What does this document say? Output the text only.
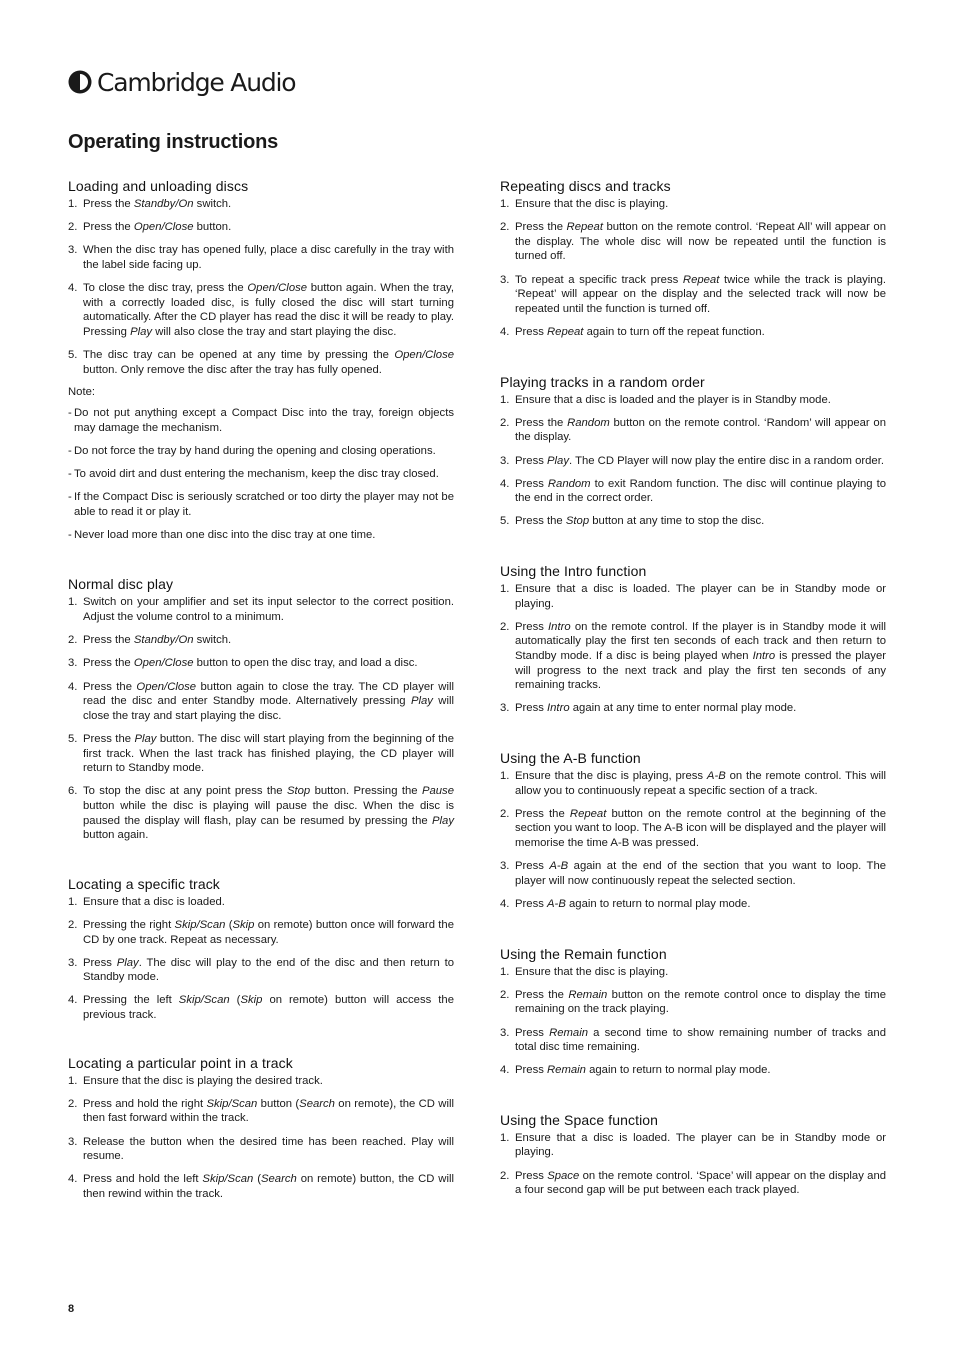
Cambridge Audio
Operating instructions
Loading and unloading discs
1. Press the Standby/On switch.
2. Press the Open/Close button.
3. When the disc tray has opened fully, place a disc carefully in the tray with the label side facing up.
4. To close the disc tray, press the Open/Close button again. When the tray, with a correctly loaded disc, is fully closed the disc will start turning automatically. After the CD player has read the disc it will be ready to play. Pressing Play will also close the tray and start playing the disc.
5. The disc tray can be opened at any time by pressing the Open/Close button. Only remove the disc after the tray has fully opened.
Note:
- Do not put anything except a Compact Disc into the tray, foreign objects may damage the mechanism.
- Do not force the tray by hand during the opening and closing operations.
- To avoid dirt and dust entering the mechanism, keep the disc tray closed.
- If the Compact Disc is seriously scratched or too dirty the player may not be able to read it or play it.
- Never load more than one disc into the disc tray at one time.
Normal disc play
1. Switch on your amplifier and set its input selector to the correct position. Adjust the volume control to a minimum.
2. Press the Standby/On switch.
3. Press the Open/Close button to open the disc tray, and load a disc.
4. Press the Open/Close button again to close the tray. The CD player will read the disc and enter Standby mode. Alternatively pressing Play will close the tray and start playing the disc.
5. Press the Play button. The disc will start playing from the beginning of the first track. When the last track has finished playing, the CD player will return to Standby mode.
6. To stop the disc at any point press the Stop button. Pressing the Pause button while the disc is playing will pause the disc. When the disc is paused the display will flash, play can be resumed by pressing the Play button again.
Locating a specific track
1. Ensure that a disc is loaded.
2. Pressing the right Skip/Scan (Skip on remote) button once will forward the CD by one track. Repeat as necessary.
3. Press Play. The disc will play to the end of the disc and then return to Standby mode.
4. Pressing the left Skip/Scan (Skip on remote) button will access the previous track.
Locating a particular point in a track
1. Ensure that the disc is playing the desired track.
2. Press and hold the right Skip/Scan button (Search on remote), the CD will then fast forward within the track.
3. Release the button when the desired time has been reached. Play will resume.
4. Press and hold the left Skip/Scan (Search on remote) button, the CD will then rewind within the track.
Repeating discs and tracks
1. Ensure that the disc is playing.
2. Press the Repeat button on the remote control. ‘Repeat All’ will appear on the display. The whole disc will now be repeated until the function is turned off.
3. To repeat a specific track press Repeat twice while the track is playing. ‘Repeat’ will appear on the display and the selected track will now be repeated until the function is turned off.
4. Press Repeat again to turn off the repeat function.
Playing tracks in a random order
1. Ensure that a disc is loaded and the player is in Standby mode.
2. Press the Random button on the remote control. ‘Random’ will appear on the display.
3. Press Play. The CD Player will now play the entire disc in a random order.
4. Press Random to exit Random function. The disc will continue playing to the end in the correct order.
5. Press the Stop button at any time to stop the disc.
Using the Intro function
1. Ensure that a disc is loaded. The player can be in Standby mode or playing.
2. Press Intro on the remote control. If the player is in Standby mode it will automatically play the first ten seconds of each track and then return to Standby mode. If a disc is being played when Intro is pressed the player will progress to the next track and play the first ten seconds of any remaining tracks.
3. Press Intro again at any time to enter normal play mode.
Using the A-B function
1. Ensure that the disc is playing, press A-B on the remote control. This will allow you to continuously repeat a specific section of a track.
2. Press the Repeat button on the remote control at the beginning of the section you want to loop. The A-B icon will be displayed and the player will memorise the time A-B was pressed.
3. Press A-B again at the end of the section that you want to loop. The player will now continuously repeat the selected section.
4. Press A-B again to return to normal play mode.
Using the Remain function
1. Ensure that the disc is playing.
2. Press the Remain button on the remote control once to display the time remaining on the track playing.
3. Press Remain a second time to show remaining number of tracks and total disc time remaining.
4. Press Remain again to return to normal play mode.
Using the Space function
1. Ensure that a disc is loaded. The player can be in Standby mode or playing.
2. Press Space on the remote control. ‘Space’ will appear on the display and a four second gap will be put between each track played.
8
